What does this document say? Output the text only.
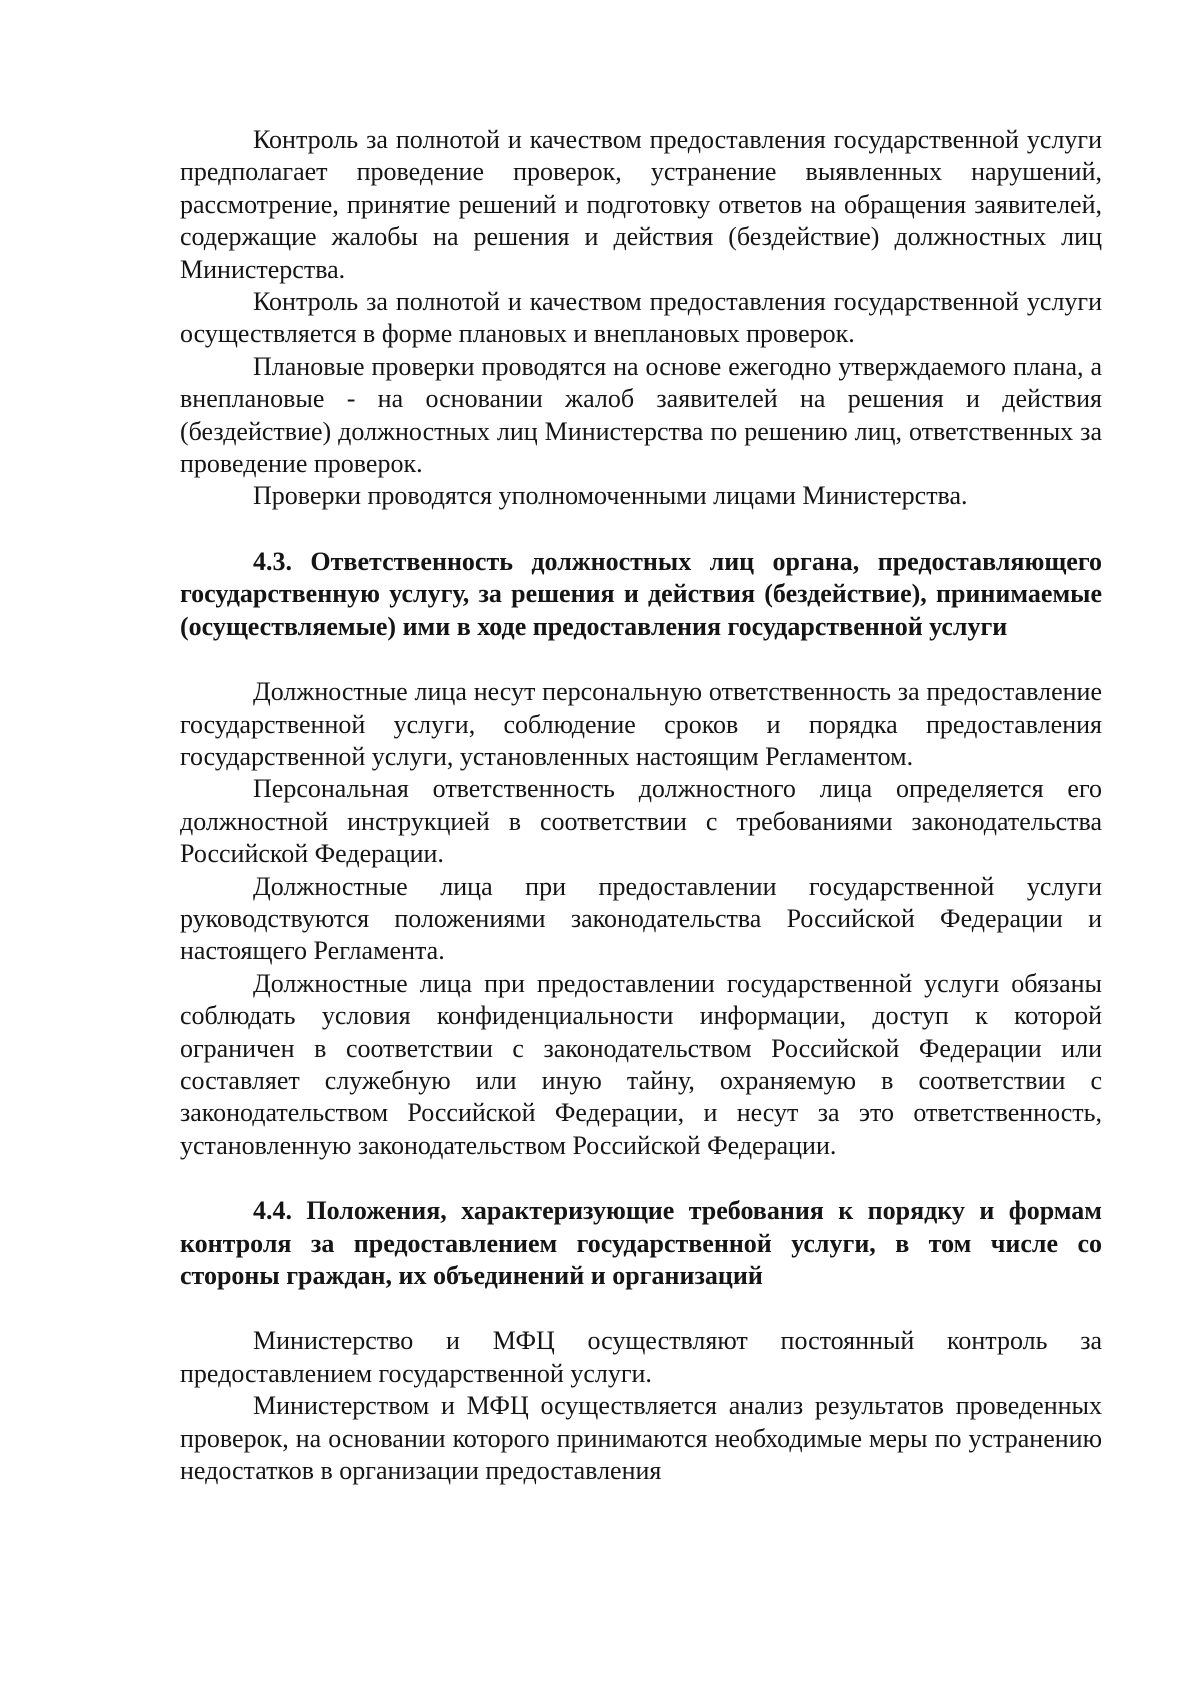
Контроль за полнотой и качеством предоставления государственной услуги предполагает проведение проверок, устранение выявленных нарушений, рассмотрение, принятие решений и подготовку ответов на обращения заявителей, содержащие жалобы на решения и действия (бездействие) должностных лиц Министерства.

Контроль за полнотой и качеством предоставления государственной услуги осуществляется в форме плановых и внеплановых проверок.

Плановые проверки проводятся на основе ежегодно утверждаемого плана, а внеплановые - на основании жалоб заявителей на решения и действия (бездействие) должностных лиц Министерства по решению лиц, ответственных за проведение проверок.

Проверки проводятся уполномоченными лицами Министерства.

4.3. Ответственность должностных лиц органа, предоставляющего государственную услугу, за решения и действия (бездействие), принимаемые (осуществляемые) ими в ходе предоставления государственной услуги

Должностные лица несут персональную ответственность за предоставление государственной услуги, соблюдение сроков и порядка предоставления государственной услуги, установленных настоящим Регламентом.

Персональная ответственность должностного лица определяется его должностной инструкцией в соответствии с требованиями законодательства Российской Федерации.

Должностные лица при предоставлении государственной услуги руководствуются положениями законодательства Российской Федерации и настоящего Регламента.

Должностные лица при предоставлении государственной услуги обязаны соблюдать условия конфиденциальности информации, доступ к которой ограничен в соответствии с законодательством Российской Федерации или составляет служебную или иную тайну, охраняемую в соответствии с законодательством Российской Федерации, и несут за это ответственность, установленную законодательством Российской Федерации.

4.4. Положения, характеризующие требования к порядку и формам контроля за предоставлением государственной услуги, в том числе со стороны граждан, их объединений и организаций

Министерство и МФЦ осуществляют постоянный контроль за предоставлением государственной услуги.

Министерством и МФЦ осуществляется анализ результатов проведенных проверок, на основании которого принимаются необходимые меры по устранению недостатков в организации предоставления
